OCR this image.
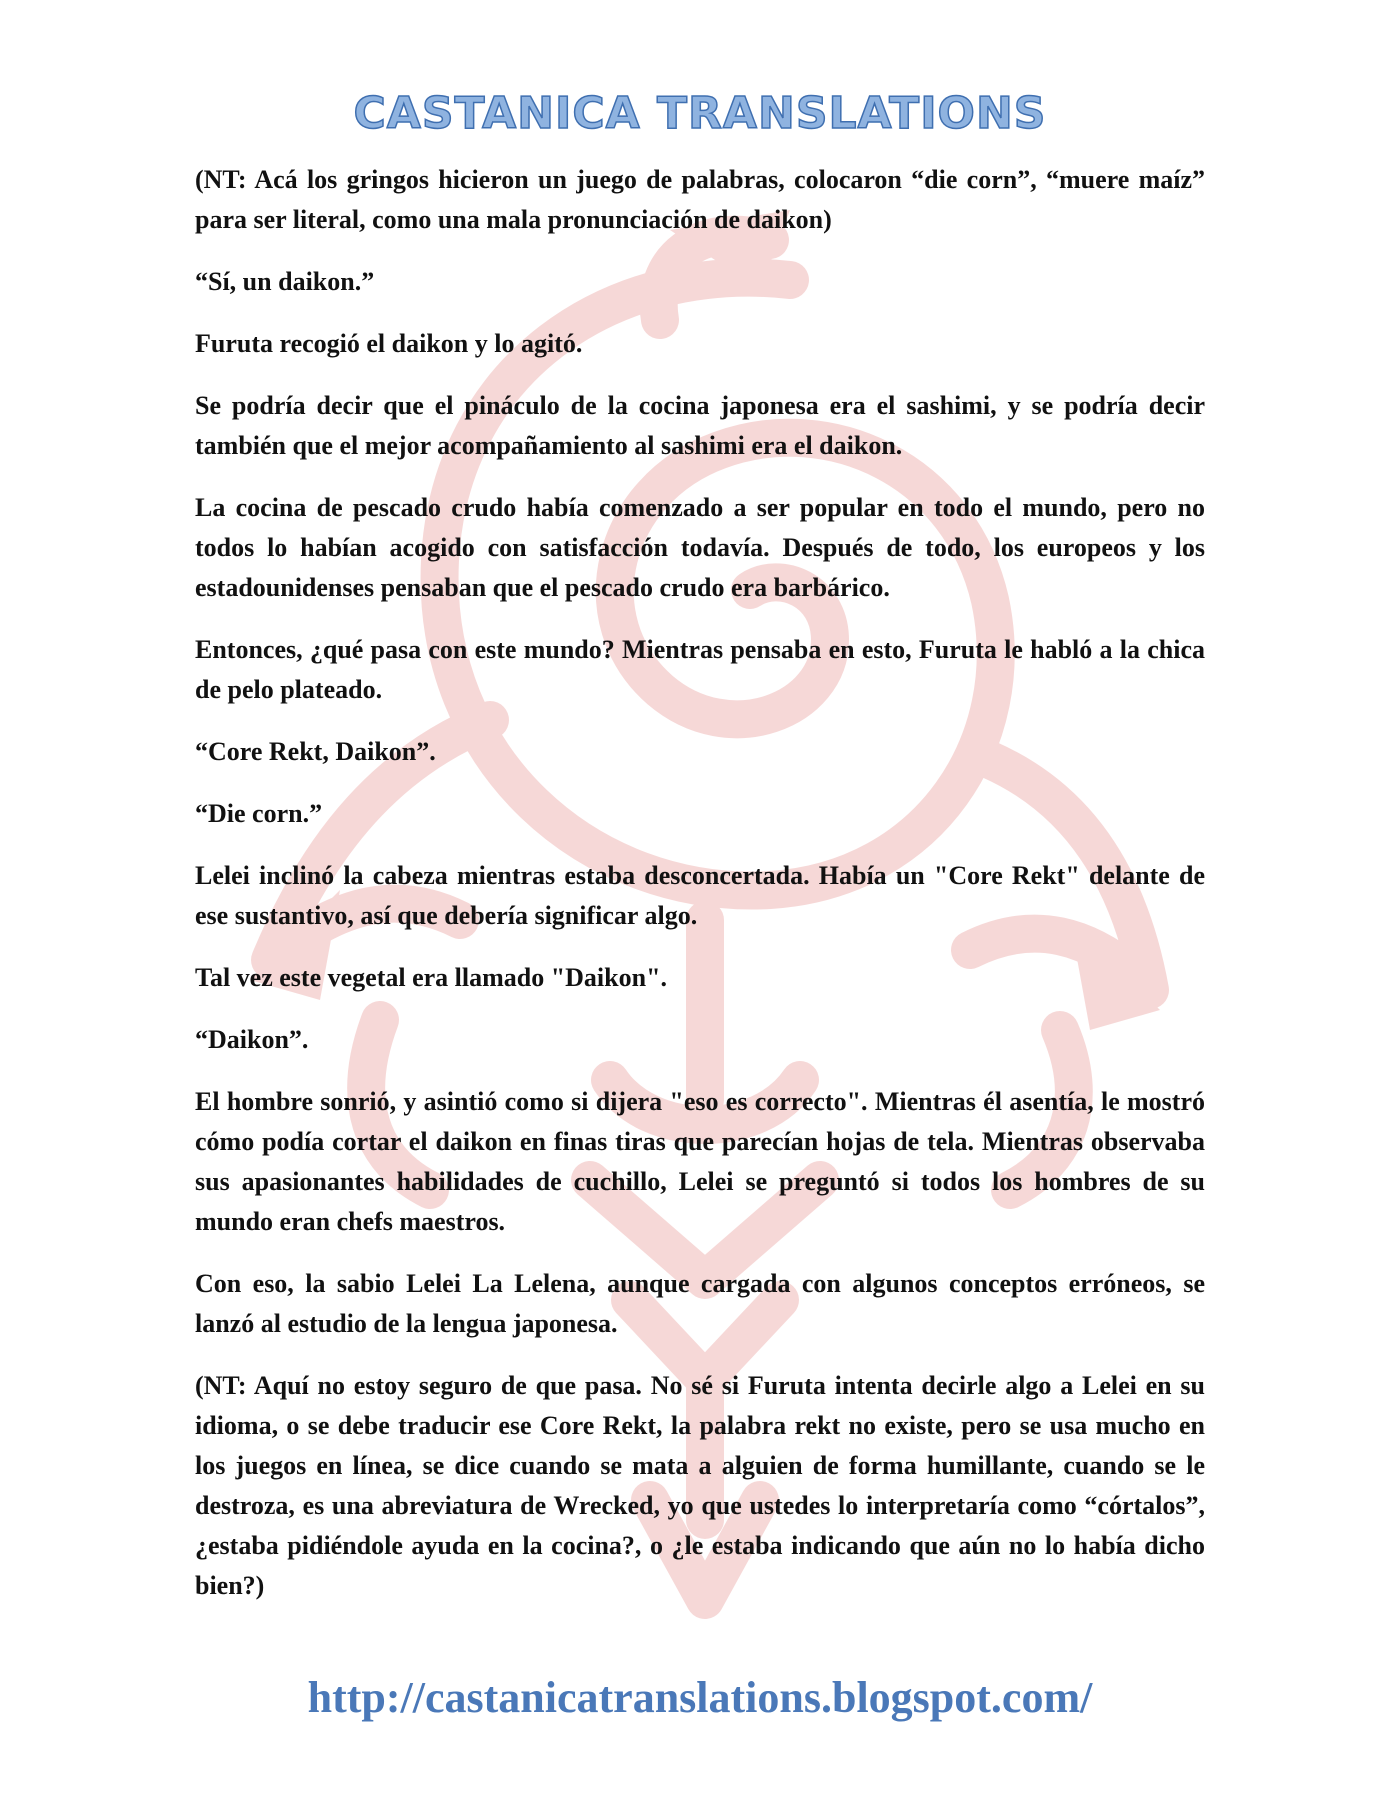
CASTANICA TRANSLATIONS

(NT: Acá los gringos hicieron un juego de palabras, colocaron “die corn”, “muere maíz” para ser literal, como una mala pronunciación de daikon)

“Sí, un daikon.”

Furuta recogió el daikon y lo agitó.

Se podría decir que el pináculo de la cocina japonesa era el sashimi, y se podría decir también que el mejor acompañamiento al sashimi era el daikon.

La cocina de pescado crudo había comenzado a ser popular en todo el mundo, pero no todos lo habían acogido con satisfacción todavía. Después de todo, los europeos y los estadounidenses pensaban que el pescado crudo era barbárico.

Entonces, ¿qué pasa con este mundo? Mientras pensaba en esto, Furuta le habló a la chica de pelo plateado.

“Core Rekt, Daikon”.

“Die corn.”

Lelei inclinó la cabeza mientras estaba desconcertada. Había un "Core Rekt" delante de ese sustantivo, así que debería significar algo.

Tal vez este vegetal era llamado "Daikon".

“Daikon”.

El hombre sonrió, y asintió como si dijera "eso es correcto". Mientras él asentía, le mostró cómo podía cortar el daikon en finas tiras que parecían hojas de tela. Mientras observaba sus apasionantes habilidades de cuchillo, Lelei se preguntó si todos los hombres de su mundo eran chefs maestros.

Con eso, la sabio Lelei La Lelena, aunque cargada con algunos conceptos erróneos, se lanzó al estudio de la lengua japonesa.

(NT: Aquí no estoy seguro de que pasa. No sé si Furuta intenta decirle algo a Lelei en su idioma, o se debe traducir ese Core Rekt, la palabra rekt no existe, pero se usa mucho en los juegos en línea, se dice cuando se mata a alguien de forma humillante, cuando se le destroza, es una abreviatura de Wrecked, yo que ustedes lo interpretaría como “córtalos”, ¿estaba pidiéndole ayuda en la cocina?, o ¿le estaba indicando que aún no lo había dicho bien?)

http://castanicatranslations.blogspot.com/
